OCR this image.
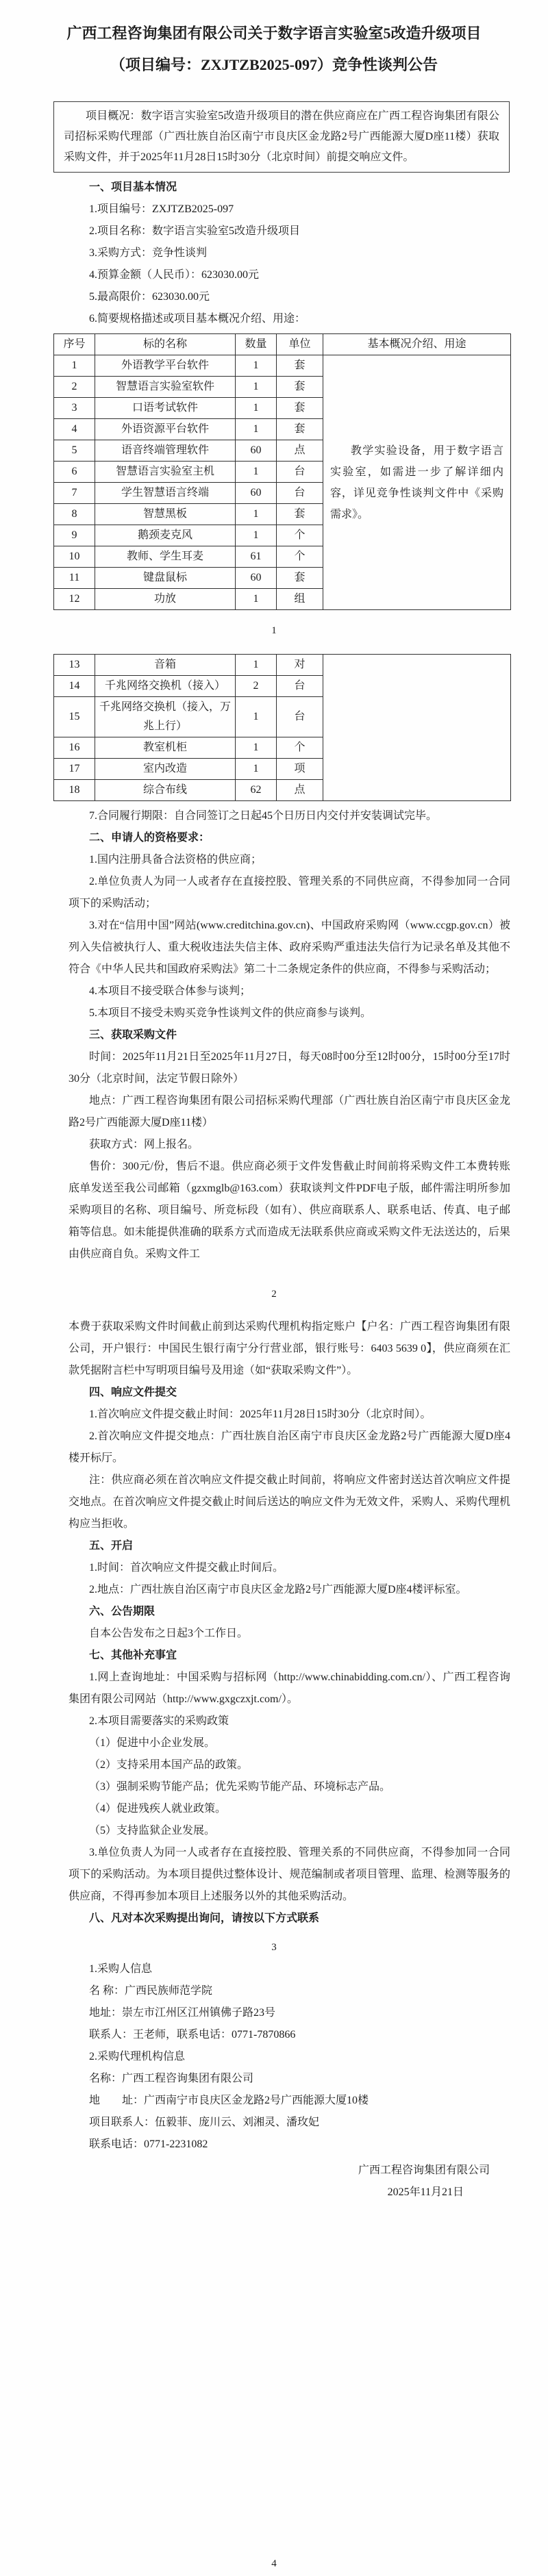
广西工程咨询集团有限公司关于数字语言实验室5改造升级项目
（项目编号：ZXJTZB2025-097）竞争性谈判公告
项目概况：数字语言实验室5改造升级项目的潜在供应商应在广西工程咨询集团有限公司招标采购代理部（广西壮族自治区南宁市良庆区金龙路2号广西能源大厦D座11楼）获取采购文件，并于2025年11月28日15时30分（北京时间）前提交响应文件。

一、项目基本情况

1.项目编号：ZXJTZB2025-097

2.项目名称：数字语言实验室5改造升级项目

3.采购方式：竞争性谈判

4.预算金额（人民币）：623030.00元

5.最高限价：623030.00元

6.简要规格描述或项目基本概况介绍、用途：

序号	标的名称	数量	单位	基本概况介绍、用途
1	外语教学平台软件	1	套	教学实验设备，用于数字语言实验室，如需进一步了解详细内容，详见竞争性谈判文件中《采购需求》。

2	智慧语言实验室软件	1	套	
3	口语考试软件	1	套	
4	外语资源平台软件	1	套	
5	语音终端管理软件	60	点	
6	智慧语言实验室主机	1	台	
7	学生智慧语言终端	60	台	
8	智慧黑板	1	套	
9	鹅颈麦克风	1	个	
10	教师、学生耳麦	61	个	
11	键盘鼠标	60	套	
12	功放	1	组	
1
13	音箱	1	对	
14	千兆网络交换机（接入）	2	台	
15	千兆网络交换机（接入，万兆上行）	1	台	
16	教室机柜	1	个	
17	室内改造	1	项	
18	综合布线	62	点	

7.合同履行期限：自合同签订之日起45个日历日内交付并安装调试完毕。

二、申请人的资格要求：

1.国内注册具备合法资格的供应商；

2.单位负责人为同一人或者存在直接控股、管理关系的不同供应商，不得参加同一合同项下的采购活动；

3.对在“信用中国”网站(www.creditchina.gov.cn)、中国政府采购网（www.ccgp.gov.cn）被列入失信被执行人、重大税收违法失信主体、政府采购严重违法失信行为记录名单及其他不符合《中华人民共和国政府采购法》第二十二条规定条件的供应商，不得参与采购活动；

4.本项目不接受联合体参与谈判；

5.本项目不接受未购买竞争性谈判文件的供应商参与谈判。

三、获取采购文件

时间：2025年11月21日至2025年11月27日，每天08时00分至12时00分，15时00分至17时30分（北京时间，法定节假日除外）

地点：广西工程咨询集团有限公司招标采购代理部（广西壮族自治区南宁市良庆区金龙路2号广西能源大厦D座11楼）

获取方式：网上报名。

售价：300元/份，售后不退。供应商必须于文件发售截止时间前将采购文件工本费转账底单发送至我公司邮箱（gzxmglb@163.com）获取谈判文件PDF电子版，邮件需注明所参加采购项目的名称、项目编号、所竞标段（如有）、供应商联系人、联系电话、传真、电子邮箱等信息。如未能提供准确的联系方式而造成无法联系供应商或采购文件无法送达的，后果由供应商自负。采购文件工

2

本费于获取采购文件时间截止前到达采购代理机构指定账户【户名：广西工程咨询集团有限公司，开户银行：中国民生银行南宁分行营业部，银行账号：6403 5639 0】，供应商须在汇款凭据附言栏中写明项目编号及用途（如“获取采购文件”）。

四、响应文件提交

1.首次响应文件提交截止时间：2025年11月28日15时30分（北京时间）。

2.首次响应文件提交地点：广西壮族自治区南宁市良庆区金龙路2号广西能源大厦D座4楼开标厅。

注：供应商必须在首次响应文件提交截止时间前，将响应文件密封送达首次响应文件提交地点。在首次响应文件提交截止时间后送达的响应文件为无效文件，采购人、采购代理机构应当拒收。

五、开启

1.时间：首次响应文件提交截止时间后。

2.地点：广西壮族自治区南宁市良庆区金龙路2号广西能源大厦D座4楼评标室。

六、公告期限

自本公告发布之日起3个工作日。

七、其他补充事宜

1.网上查询地址：中国采购与招标网（http://www.chinabidding.com.cn/）、广西工程咨询集团有限公司网站（http://www.gxgczxjt.com/）。

2.本项目需要落实的采购政策

（1）促进中小企业发展。

（2）支持采用本国产品的政策。

（3）强制采购节能产品；优先采购节能产品、环境标志产品。

（4）促进残疾人就业政策。

（5）支持监狱企业发展。

3.单位负责人为同一人或者存在直接控股、管理关系的不同供应商，不得参加同一合同项下的采购活动。为本项目提供过整体设计、规范编制或者项目管理、监理、检测等服务的供应商，不得再参加本项目上述服务以外的其他采购活动。

八、凡对本次采购提出询问，请按以下方式联系

3

1.采购人信息

名 称：广西民族师范学院

地址：崇左市江州区江州镇佛子路23号

联系人：王老师，联系电话：0771-7870866

2.采购代理机构信息

名称：广西工程咨询集团有限公司

地　　址：广西南宁市良庆区金龙路2号广西能源大厦10楼

项目联系人：伍毅菲、庞川云、刘湘灵、潘玫妃

联系电话：0771-2231082

广西工程咨询集团有限公司
2025年11月21日
4
